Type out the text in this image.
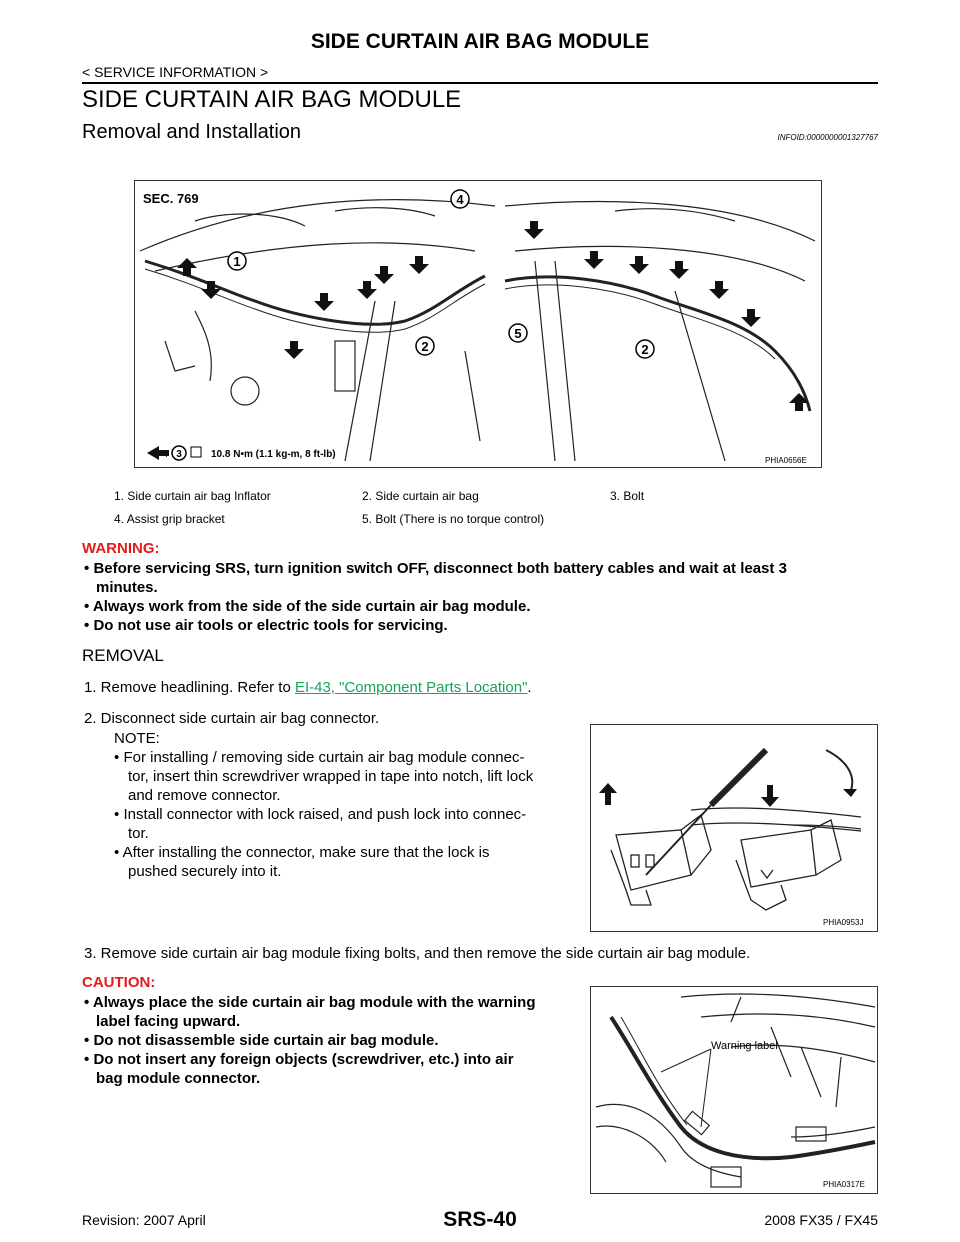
SIDE CURTAIN AIR BAG MODULE
< SERVICE INFORMATION >
SIDE CURTAIN AIR BAG MODULE
Removal and Installation	INFOID:0000000001327767
1
2
4
5
2
3
SEC. 769
:	10.8 N•m (1.1 kg-m, 8 ft-lb)
PHIA0656E
1. Side curtain air bag Inflator	2. Side curtain air bag	3. Bolt
4. Assist grip bracket	5. Bolt (There is no torque control)
WARNING:
• Before servicing SRS, turn ignition switch OFF, disconnect both battery cables and wait at least 3
minutes.
• Always work from the side of the side curtain air bag module.
• Do not use air tools or electric tools for servicing.
REMOVAL
1. Remove headlining. Refer to EI-43, "Component Parts Location".
2. Disconnect side curtain air bag connector.
NOTE:
• For installing / removing side curtain air bag module connec-
tor, insert thin screwdriver wrapped in tape into notch, lift lock
and remove connector.
• Install connector with lock raised, and push lock into connec-
tor.
• After installing the connector, make sure that the lock is
pushed securely into it.
PHIA0953J
3. Remove side curtain air bag module fixing bolts, and then remove the side curtain air bag module.
CAUTION:
• Always place the side curtain air bag module with the warning
label facing upward.
• Do not disassemble side curtain air bag module.
• Do not insert any foreign objects (screwdriver, etc.) into air
bag module connector.
Warning label
PHIA0317E
Revision: 2007 April	SRS-40	2008 FX35 / FX45
